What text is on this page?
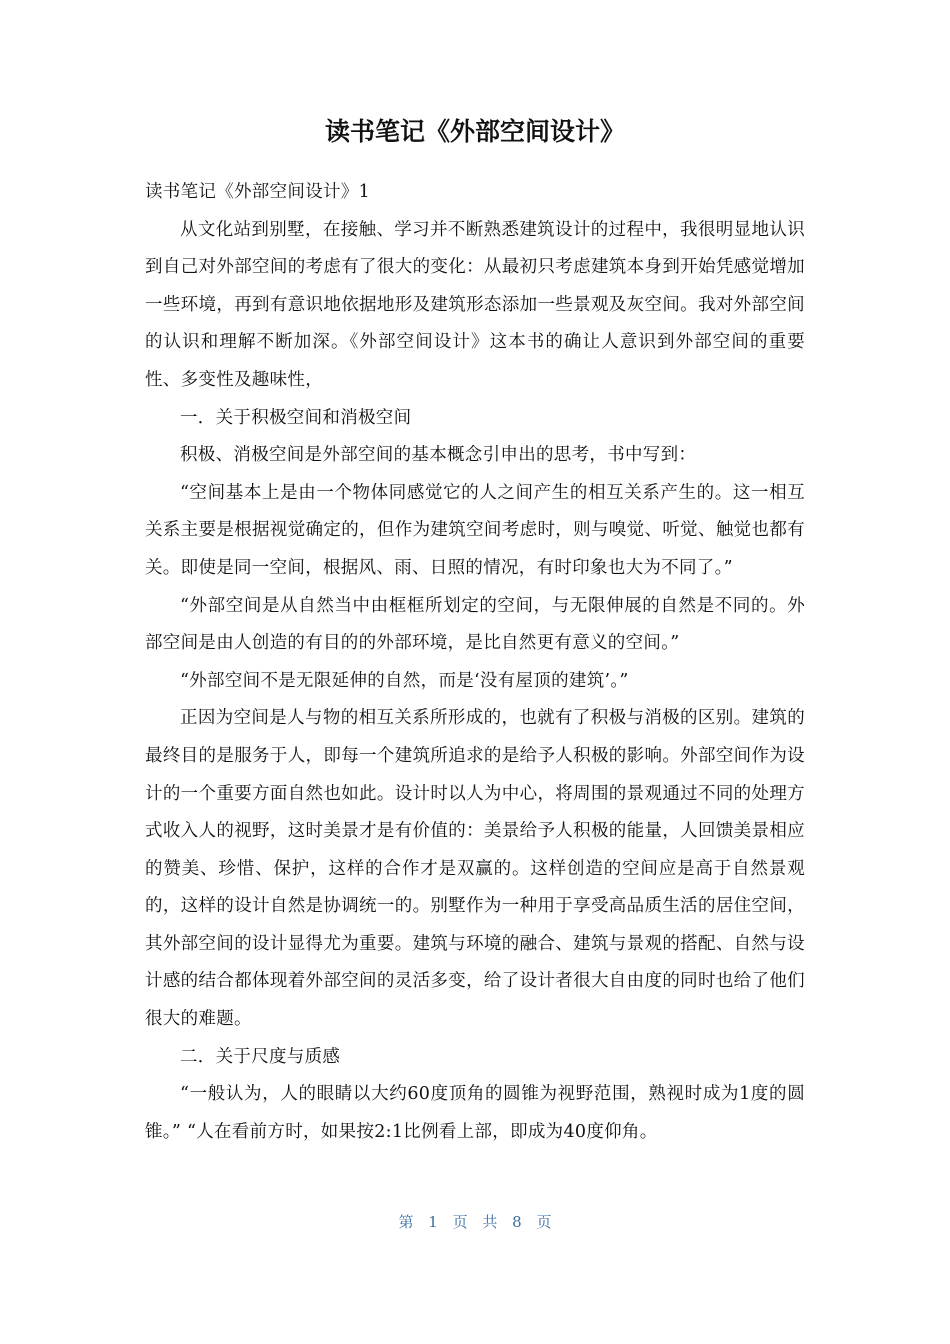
读书笔记《外部空间设计》

读书笔记《外部空间设计》1

从文化站到别墅，在接触、学习并不断熟悉建筑设计的过程中，我很明显地认识到自己对外部空间的考虑有了很大的变化：从最初只考虑建筑本身到开始凭感觉增加一些环境，再到有意识地依据地形及建筑形态添加一些景观及灰空间。我对外部空间的认识和理解不断加深。《外部空间设计》这本书的确让人意识到外部空间的重要性、多变性及趣味性，

一．关于积极空间和消极空间

积极、消极空间是外部空间的基本概念引申出的思考，书中写到：

“空间基本上是由一个物体同感觉它的人之间产生的相互关系产生的。这一相互关系主要是根据视觉确定的，但作为建筑空间考虑时，则与嗅觉、听觉、触觉也都有关。即使是同一空间，根据风、雨、日照的情况，有时印象也大为不同了。”

“外部空间是从自然当中由框框所划定的空间，与无限伸展的自然是不同的。外部空间是由人创造的有目的的外部环境，是比自然更有意义的空间。”

“外部空间不是无限延伸的自然，而是‘没有屋顶的建筑’。”

正因为空间是人与物的相互关系所形成的，也就有了积极与消极的区别。建筑的最终目的是服务于人，即每一个建筑所追求的是给予人积极的影响。外部空间作为设计的一个重要方面自然也如此。设计时以人为中心，将周围的景观通过不同的处理方式收入人的视野，这时美景才是有价值的：美景给予人积极的能量，人回馈美景相应的赞美、珍惜、保护，这样的合作才是双赢的。这样创造的空间应是高于自然景观的，这样的设计自然是协调统一的。别墅作为一种用于享受高品质生活的居住空间，其外部空间的设计显得尤为重要。建筑与环境的融合、建筑与景观的搭配、自然与设计感的结合都体现着外部空间的灵活多变，给了设计者很大自由度的同时也给了他们很大的难题。

二．关于尺度与质感

“一般认为，人的眼睛以大约60度顶角的圆锥为视野范围，熟视时成为1度的圆锥。” “人在看前方时，如果按2:1比例看上部，即成为40度仰角。

第 1 页 共 8 页
